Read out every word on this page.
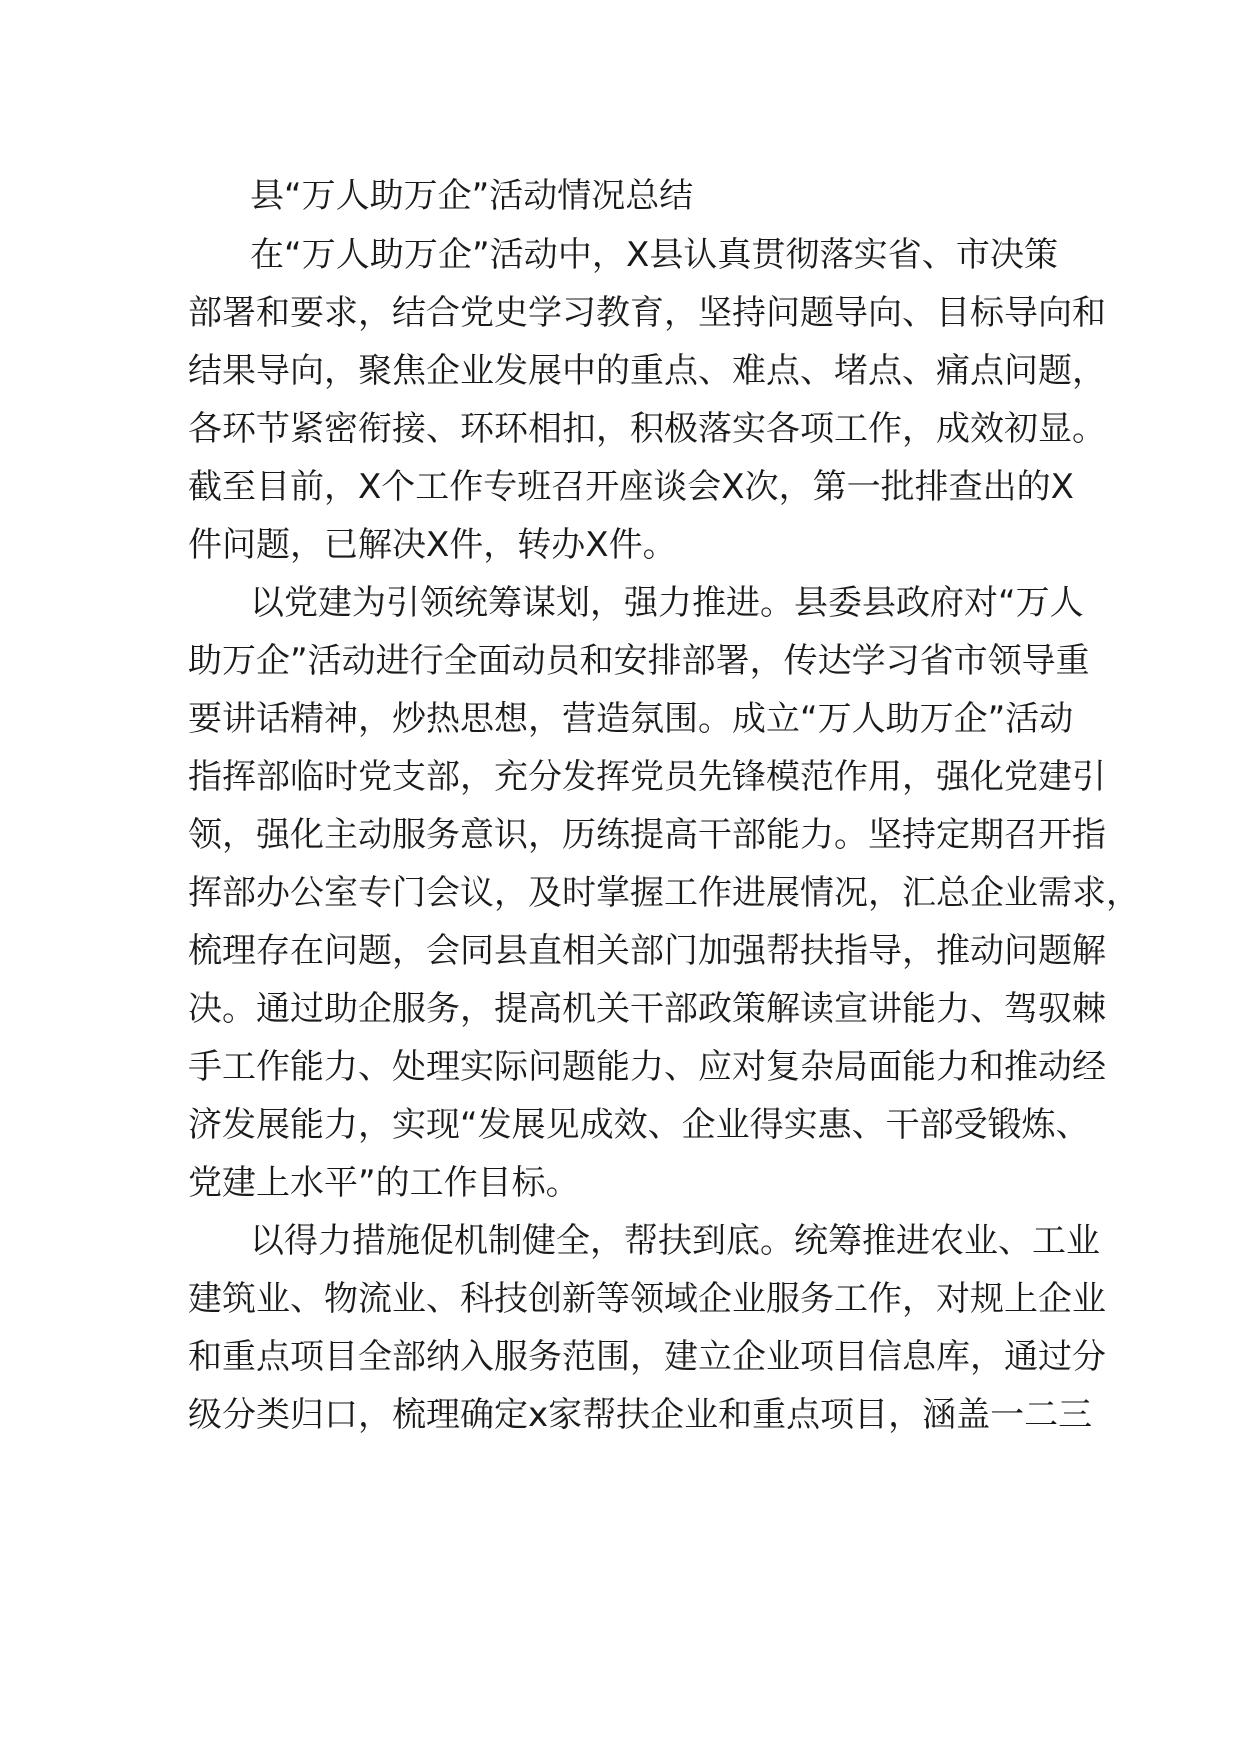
县“万人助万企”活动情况总结
在“万人助万企”活动中，X县认真贯彻落实省、市决策
部署和要求，结合党史学习教育，坚持问题导向、目标导向和
结果导向，聚焦企业发展中的重点、难点、堵点、痛点问题，
各环节紧密衔接、环环相扣，积极落实各项工作，成效初显。
截至目前，X个工作专班召开座谈会X次，第一批排查出的X
件问题，已解决X件，转办X件。
以党建为引领统筹谋划，强力推进。县委县政府对“万人
助万企”活动进行全面动员和安排部署，传达学习省市领导重
要讲话精神，炒热思想，营造氛围。成立“万人助万企”活动
指挥部临时党支部，充分发挥党员先锋模范作用，强化党建引
领，强化主动服务意识，历练提高干部能力。坚持定期召开指
挥部办公室专门会议，及时掌握工作进展情况，汇总企业需求，
梳理存在问题，会同县直相关部门加强帮扶指导，推动问题解
决。通过助企服务，提高机关干部政策解读宣讲能力、驾驭棘
手工作能力、处理实际问题能力、应对复杂局面能力和推动经
济发展能力，实现“发展见成效、企业得实惠、干部受锻炼、
党建上水平”的工作目标。
以得力措施促机制健全，帮扶到底。统筹推进农业、工业
建筑业、物流业、科技创新等领域企业服务工作，对规上企业
和重点项目全部纳入服务范围，建立企业项目信息库，通过分
级分类归口，梳理确定x家帮扶企业和重点项目，涵盖一二三
